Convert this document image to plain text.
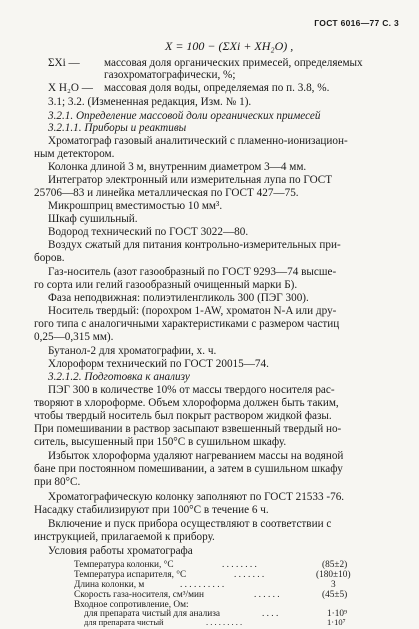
ГОСТ 6016—77 С. 3
X = 100 − (ΣXi + XH₂O) ,
ΣXi — массовая доля органических примесей, определяемых
газохроматографически, %;
X H₂O — массовая доля воды, определяемая по п. 3.8, %.
3.1; 3.2. (Измененная редакция, Изм. № 1).
3.2.1. Определение массовой доли органических примесей
3.2.1.1. Приборы и реактивы
Хроматограф газовый аналитический с пламенно-ионизацион-
ным детектором.
Колонка длиной 3 м, внутренним диаметром 3—4 мм.
Интегратор электронный или измерительная лупа по ГОСТ
25706—83 и линейка металлическая по ГОСТ 427—75.
Микрошприц вместимостью 10 мм³.
Шкаф сушильный.
Водород технический по ГОСТ 3022—80.
Воздух сжатый для питания контрольно-измерительных при-
боров.
Газ-носитель (азот газообразный по ГОСТ 9293—74 высше-
го сорта или гелий газообразный очищенный марки Б).
Фаза неподвижная: полиэтиленгликоль 300 (ПЭГ 300).
Носитель твердый: (порохром 1-AW, хроматон N-A или дру-
гого типа с аналогичными характеристиками с размером частиц
0,25—0,315 мм).
Бутанол-2 для хроматографии, х. ч.
Хлороформ технический по ГОСТ 20015—74.
3.2.1.2. Подготовка к анализу
ПЭГ 300 в количестве 10% от массы твердого носителя рас-
творяют в хлороформе. Объем хлороформа должен быть таким,
чтобы твердый носитель был покрыт раствором жидкой фазы.
При помешивании в раствор засыпают взвешенный твердый но-
ситель, высушенный при 150°С в сушильном шкафу.
Избыток хлороформа удаляют нагреванием массы на водяной
бане при постоянном помешивании, а затем в сушильном шкафу
при 80°С.
Хроматографическую колонку заполняют по ГОСТ 21533 -76.
Насадку стабилизируют при 100°С в течение 6 ч.
Включение и пуск прибора осуществляют в соответствии с
инструкцией, прилагаемой к прибору.
Условия работы хроматографа
Температура колонки, °С	. . . . . . . .	(85±2)
Температура испарителя, °С	. . . . . . .	(180±10)
Длина колонки, м	. . . . . . . . . .	3
Скорость газа-носителя, см³/мин	. . . . . .	(45±5)
Входное сопротивление, Ом:
для препарата чистый для анализа	. . . .	1·10⁹
для препарата чистый	. . . . . . . . .	1·10⁷
